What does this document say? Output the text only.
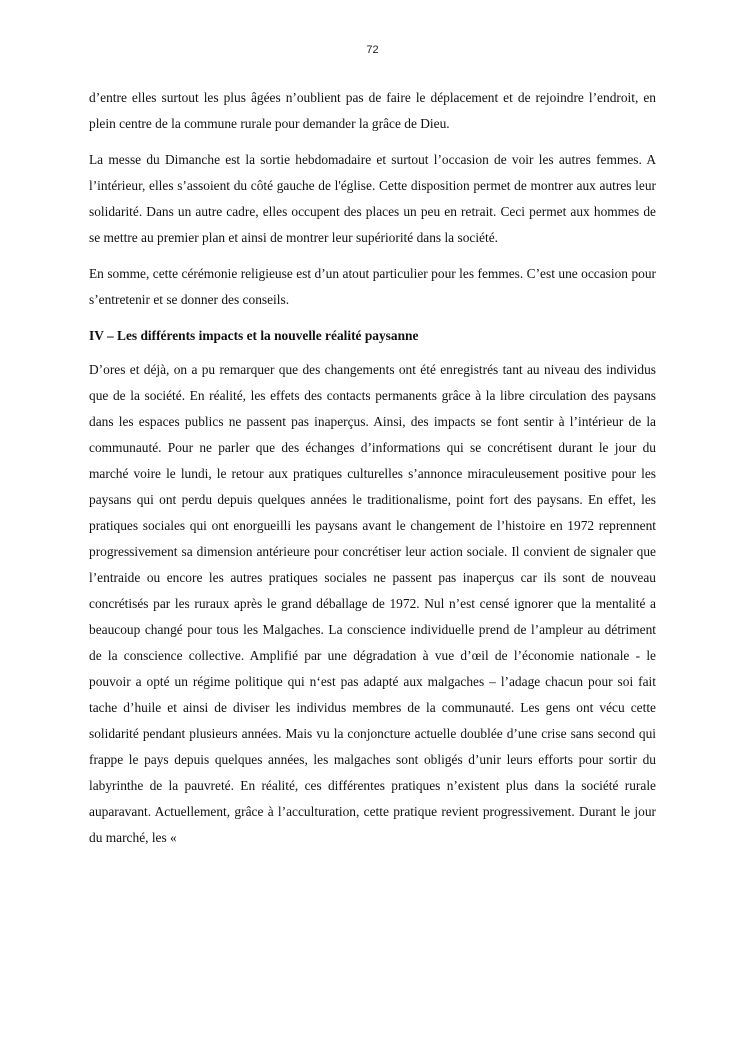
72

d’entre elles surtout les plus âgées n’oublient pas de faire le déplacement et de rejoindre l’endroit, en plein centre de la commune rurale pour demander la grâce de Dieu.

La messe du Dimanche est la sortie hebdomadaire et surtout l’occasion de voir les autres femmes. A l’intérieur, elles s’assoient du côté gauche de l'église. Cette disposition permet de montrer aux autres leur solidarité. Dans un autre cadre, elles occupent des places un peu en retrait. Ceci permet aux hommes de se mettre au premier plan et ainsi de montrer leur supériorité dans la société.

En somme, cette cérémonie religieuse est d’un atout particulier pour les femmes. C’est une occasion pour s’entretenir et se donner des conseils.

IV – Les différents impacts et la nouvelle réalité paysanne

D’ores et déjà, on a pu remarquer que des changements ont été enregistrés tant au niveau des individus que de la société. En réalité, les effets des contacts permanents grâce à la libre circulation des paysans dans les espaces publics ne passent pas inaperçus. Ainsi, des impacts se font sentir à l’intérieur de la communauté. Pour ne parler que des échanges d’informations qui se concrétisent durant le jour du marché voire le lundi, le retour aux pratiques culturelles s’annonce miraculeusement positive pour les paysans qui ont perdu depuis quelques années le traditionalisme, point fort des paysans. En effet, les pratiques sociales qui ont enorgueilli les paysans avant le changement de l’histoire en 1972 reprennent progressivement sa dimension antérieure pour concrétiser leur action sociale. Il convient de signaler que l’entraide ou encore les autres pratiques sociales ne passent pas inaperçus car ils sont de nouveau concrétisés par les ruraux après le grand déballage de 1972. Nul n’est censé ignorer que la mentalité a beaucoup changé pour tous les Malgaches. La conscience individuelle prend de l’ampleur au détriment de la conscience collective. Amplifié par une dégradation à vue d’œil de l’économie nationale - le pouvoir a opté un régime politique qui n‘est pas adapté aux malgaches – l’adage chacun pour soi fait tache d’huile et ainsi de diviser les individus membres de la communauté. Les gens ont vécu cette solidarité pendant plusieurs années. Mais vu la conjoncture actuelle doublée d’une crise sans second qui frappe le pays depuis quelques années, les malgaches sont obligés d’unir leurs efforts pour sortir du labyrinthe de la pauvreté. En réalité, ces différentes pratiques n’existent plus dans la société rurale auparavant. Actuellement, grâce à l’acculturation, cette pratique revient progressivement. Durant le jour du marché, les «
